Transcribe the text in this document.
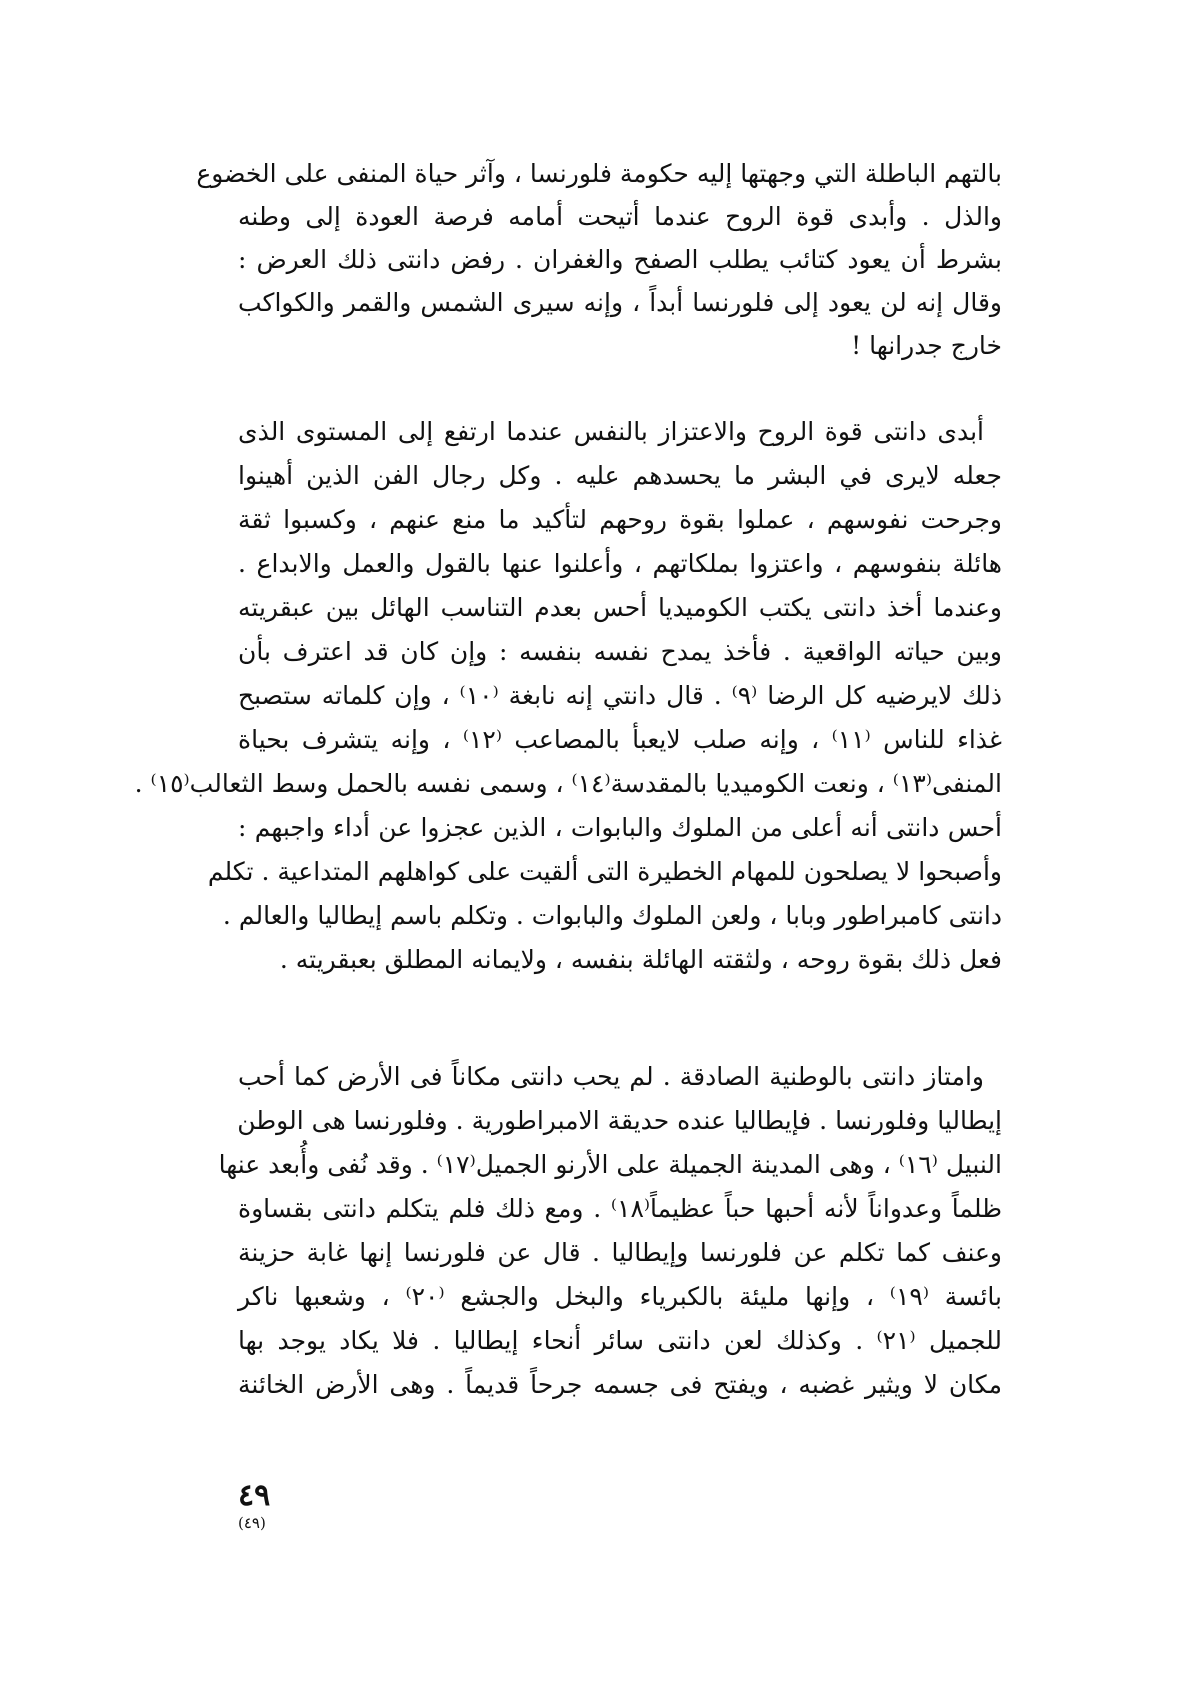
بالتهم الباطلة التي وجهتها إليه حكومة فلورنسا ، وآثر حياة المنفى على الخضوع
والذل . وأبدى قوة الروح عندما أتيحت أمامه فرصة العودة إلى وطنه
بشرط أن يعود كتائب يطلب الصفح والغفران . رفض دانتى ذلك العرض :
وقال إنه لن يعود إلى فلورنسا أبداً ، وإنه سيرى الشمس والقمر والكواكب
خارج جدرانها !
أبدى دانتى قوة الروح والاعتزاز بالنفس عندما ارتفع إلى المستوى الذى
جعله لايرى في البشر ما يحسدهم عليه . وكل رجال الفن الذين أهينوا
وجرحت نفوسهم ، عملوا بقوة روحهم لتأكيد ما منع عنهم ، وكسبوا ثقة
هائلة بنفوسهم ، واعتزوا بملكاتهم ، وأعلنوا عنها بالقول والعمل والابداع .
وعندما أخذ دانتى يكتب الكوميديا أحس بعدم التناسب الهائل بين عبقريته
وبين حياته الواقعية . فأخذ يمدح نفسه بنفسه : وإن كان قد اعترف بأن
ذلك لايرضيه كل الرضا ⁽٩⁾ . قال دانتي إنه نابغة ⁽١٠⁾ ، وإن كلماته ستصبح
غذاء للناس ⁽١١⁾ ، وإنه صلب لايعبأ بالمصاعب ⁽١٢⁾ ، وإنه يتشرف بحياة
المنفى⁽١٣⁾ ، ونعت الكوميديا بالمقدسة⁽١٤⁾ ، وسمى نفسه بالحمل وسط الثعالب⁽١٥⁾ .
أحس دانتى أنه أعلى من الملوك والبابوات ، الذين عجزوا عن أداء واجبهم :
وأصبحوا لا يصلحون للمهام الخطيرة التى ألقيت على كواهلهم المتداعية . تكلم
دانتى كامبراطور وبابا ، ولعن الملوك والبابوات . وتكلم باسم إيطاليا والعالم .
فعل ذلك بقوة روحه ، ولثقته الهائلة بنفسه ، ولايمانه المطلق بعبقريته .
وامتاز دانتى بالوطنية الصادقة . لم يحب دانتى مكاناً فى الأرض كما أحب
إيطاليا وفلورنسا . فإيطاليا عنده حديقة الامبراطورية . وفلورنسا هى الوطن
النبيل ⁽١٦⁾ ، وهى المدينة الجميلة على الأرنو الجميل⁽١٧⁾ . وقد نُفى وأُبعد عنها
ظلماً وعدواناً لأنه أحبها حباً عظيماً⁽١٨⁾ . ومع ذلك فلم يتكلم دانتى بقساوة
وعنف كما تكلم عن فلورنسا وإيطاليا . قال عن فلورنسا إنها غابة حزينة
بائسة ⁽١٩⁾ ، وإنها مليئة بالكبرياء والبخل والجشع ⁽٢٠⁾ ، وشعبها ناكر
للجميل ⁽٢١⁾ . وكذلك لعن دانتى سائر أنحاء إيطاليا . فلا يكاد يوجد بها
مكان لا ويثير غضبه ، ويفتح فى جسمه جرحاً قديماً . وهى الأرض الخائنة
٤٩
(٤٩)
